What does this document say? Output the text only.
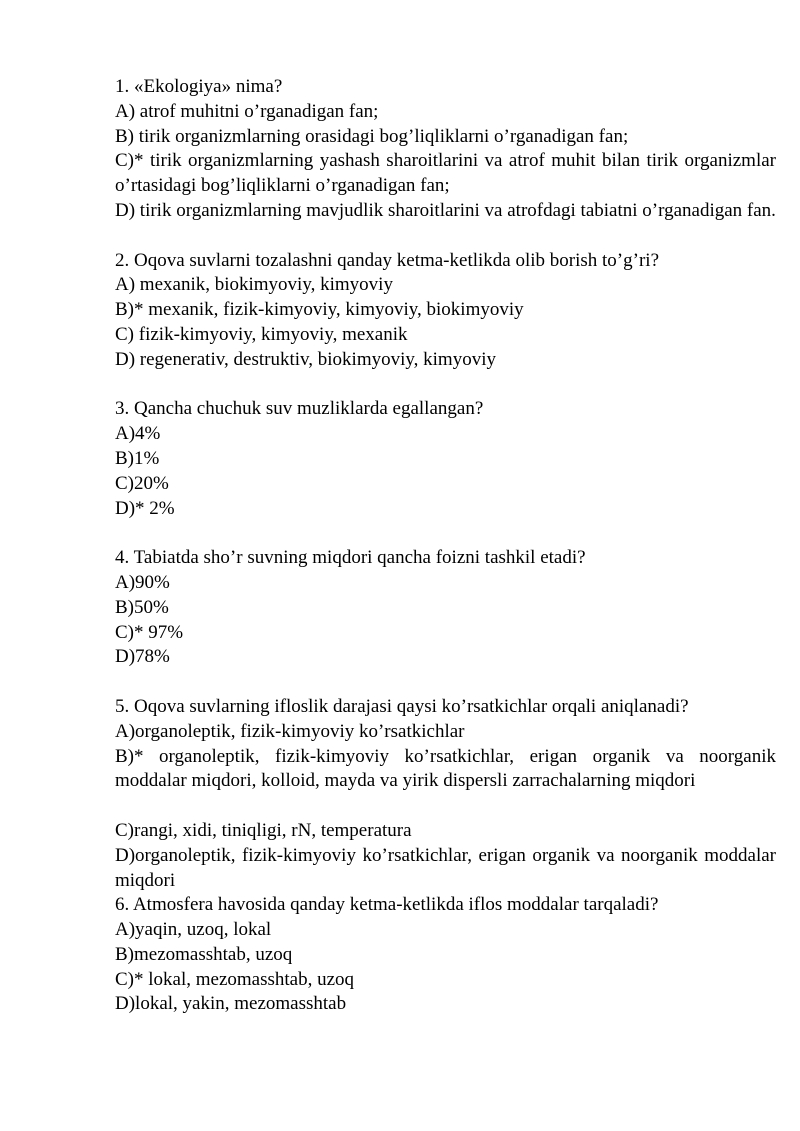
1. «Ekologiya» nima?
A) atrof muhitni o’rganadigan fan;
B) tirik organizmlarning orasidagi bog’liqliklarni o’rganadigan fan;
C)* tirik organizmlarning yashash sharoitlarini va atrof muhit bilan tirik organizmlar o’rtasidagi bog’liqliklarni o’rganadigan fan;
D) tirik organizmlarning mavjudlik sharoitlarini va atrofdagi tabiatni o’rganadigan fan.
2. Oqova suvlarni tozalashni qanday ketma-ketlikda olib borish to’g’ri?
A) mexanik, biokimyoviy, kimyoviy
B)* mexanik, fizik-kimyoviy, kimyoviy, biokimyoviy
C) fizik-kimyoviy, kimyoviy, mexanik
D) regenerativ, destruktiv, biokimyoviy, kimyoviy
3. Qancha chuchuk suv muzliklarda egallangan?
A)4%
B)1%
C)20%
D)* 2%
4. Tabiatda sho’r suvning miqdori qancha foizni tashkil etadi?
A)90%
B)50%
C)* 97%
D)78%
5. Oqova suvlarning ifloslik darajasi qaysi ko’rsatkichlar orqali aniqlanadi?
A)organoleptik, fizik-kimyoviy ko’rsatkichlar
B)* organoleptik, fizik-kimyoviy ko’rsatkichlar, erigan organik va noorganik moddalar miqdori, kolloid, mayda va yirik dispersli zarrachalarning miqdori
C)rangi, xidi, tiniqligi, rN, temperatura
D)organoleptik, fizik-kimyoviy ko’rsatkichlar, erigan organik va noorganik moddalar miqdori
6. Atmosfera havosida qanday ketma-ketlikda iflos moddalar tarqaladi?
A)yaqin, uzoq, lokal
B)mezomasshtab, uzoq
C)* lokal, mezomasshtab, uzoq
D)lokal, yakin, mezomasshtab
